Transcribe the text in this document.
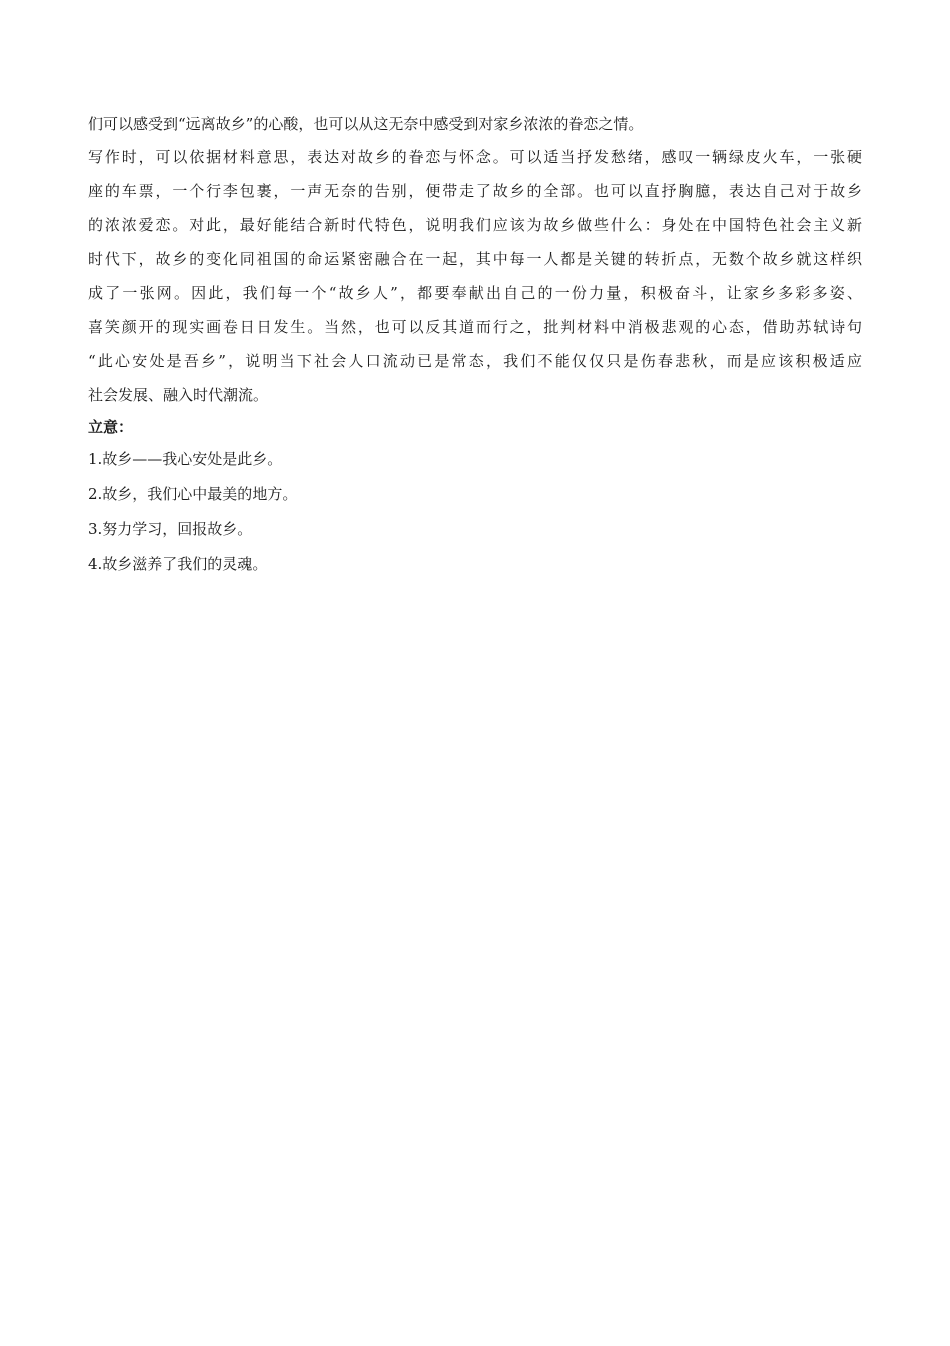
们可以感受到“远离故乡”的心酸，也可以从这无奈中感受到对家乡浓浓的眷恋之情。

写作时，可以依据材料意思，表达对故乡的眷恋与怀念。可以适当抒发愁绪，感叹一辆绿皮火车，一张硬
座的车票，一个行李包裹，一声无奈的告别，便带走了故乡的全部。也可以直抒胸臆，表达自己对于故乡
的浓浓爱恋。对此，最好能结合新时代特色，说明我们应该为故乡做些什么：身处在中国特色社会主义新
时代下，故乡的变化同祖国的命运紧密融合在一起，其中每一人都是关键的转折点，无数个故乡就这样织
成了一张网。因此，我们每一个“故乡人”，都要奉献出自己的一份力量，积极奋斗，让家乡多彩多姿、
喜笑颜开的现实画卷日日发生。当然，也可以反其道而行之，批判材料中消极悲观的心态，借助苏轼诗句
“此心安处是吾乡”，说明当下社会人口流动已是常态，我们不能仅仅只是伤春悲秋，而是应该积极适应
社会发展、融入时代潮流。

立意：

1.故乡——我心安处是此乡。

2.故乡，我们心中最美的地方。

3.努力学习，回报故乡。

4.故乡滋养了我们的灵魂。
